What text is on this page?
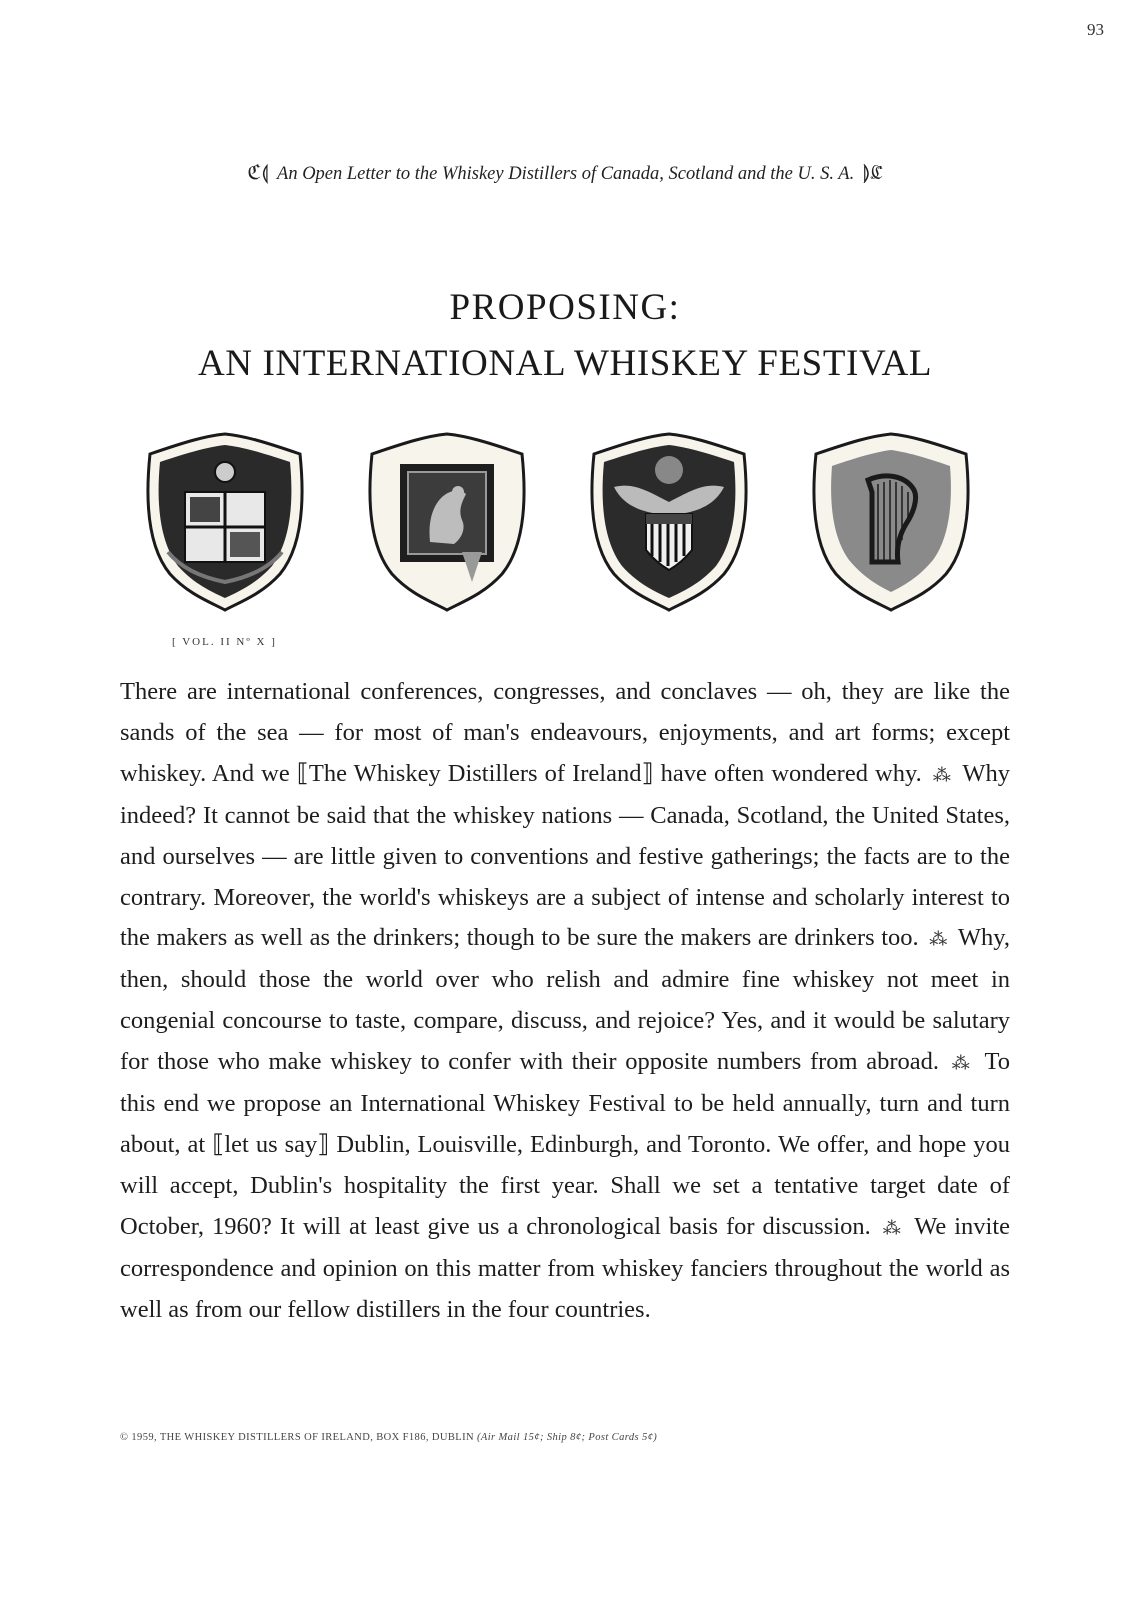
93
ℭ⟬ An Open Letter to the Whiskey Distillers of Canada, Scotland and the U. S. A. ⟭ℭ
PROPOSING:
AN INTERNATIONAL WHISKEY FESTIVAL
[ VOL. II Nº X ]

There are international conferences, congresses, and conclaves — oh, they are like the sands of the sea — for most of man's endeavours, enjoyments, and art forms; except whiskey. And we ⟦The Whiskey Distillers of Ireland⟧ have often wondered why. ⁂ Why indeed? It cannot be said that the whiskey nations — Canada, Scotland, the United States, and ourselves — are little given to conventions and festive gatherings; the facts are to the contrary. Moreover, the world's whiskeys are a subject of intense and scholarly interest to the makers as well as the drinkers; though to be sure the makers are drinkers too. ⁂ Why, then, should those the world over who relish and admire fine whiskey not meet in congenial concourse to taste, compare, discuss, and rejoice? Yes, and it would be salutary for those who make whiskey to confer with their opposite numbers from abroad. ⁂ To this end we propose an International Whiskey Festival to be held annually, turn and turn about, at ⟦let us say⟧ Dublin, Louisville, Edinburgh, and Toronto. We offer, and hope you will accept, Dublin's hospitality the first year. Shall we set a tentative target date of October, 1960? It will at least give us a chronological basis for discussion. ⁂ We invite correspondence and opinion on this matter from whiskey fanciers throughout the world as well as from our fellow distillers in the four countries.

© 1959, THE WHISKEY DISTILLERS OF IRELAND, BOX F186, DUBLIN (Air Mail 15¢; Ship 8¢; Post Cards 5¢)
